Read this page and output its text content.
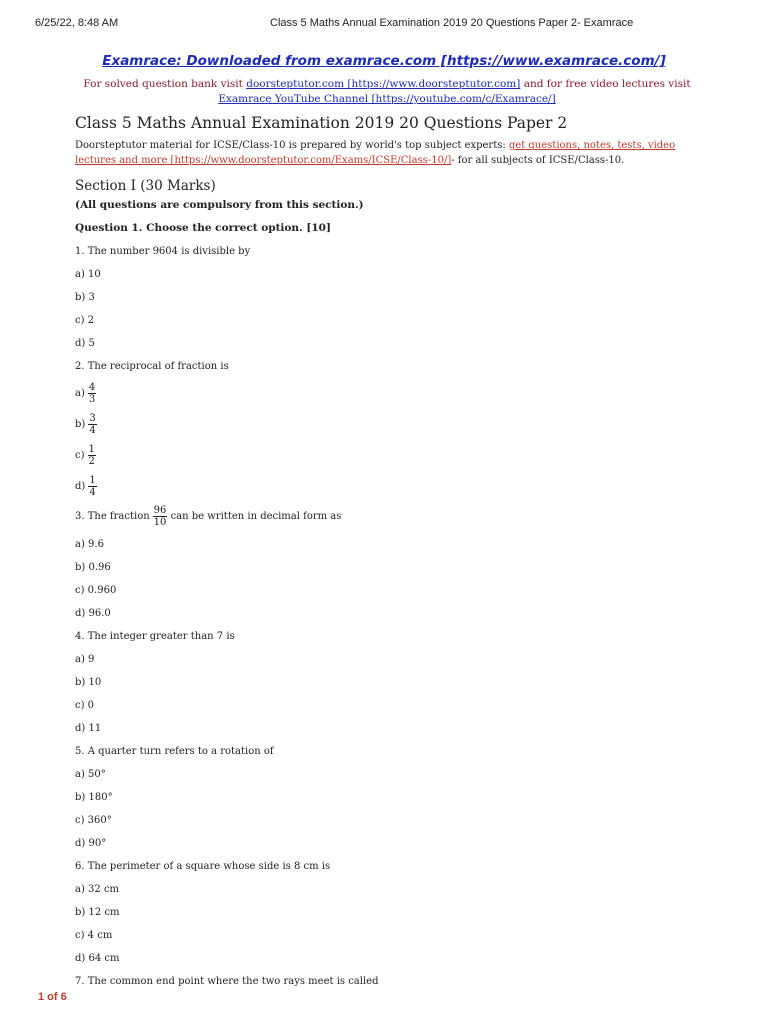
6/25/22, 8:48 AM	Class 5 Maths Annual Examination 2019 20 Questions Paper 2- Examrace
Examrace: Downloaded from examrace.com [https://www.examrace.com/]
For solved question bank visit doorsteptutor.com [https://www.doorsteptutor.com] and for free video lectures visit Examrace YouTube Channel [https://youtube.com/c/Examrace/]
Class 5 Maths Annual Examination 2019 20 Questions Paper 2
Doorsteptutor material for ICSE/Class-10 is prepared by world's top subject experts: get questions, notes, tests, video lectures and more [https://www.doorsteptutor.com/Exams/ICSE/Class-10/]- for all subjects of ICSE/Class-10.
Section I (30 Marks)
(All questions are compulsory from this section.)
Question 1. Choose the correct option. [10]
1. The number 9604 is divisible by
a) 10
b) 3
c) 2
d) 5
2. The reciprocal of fraction is
$a) \frac{4}{3}$
$b) \frac{3}{4}$
$c) \frac{1}{2}$
$d) \frac{1}{4}$
3. The fraction $\frac{96}{10}$ can be written in decimal form as
a) 9.6
b) 0.96
c) 0.960
d) 96.0
4. The integer greater than 7 is
a) 9
b) 10
c) 0
d) 11
5. A quarter turn refers to a rotation of
a) 50°
b) 180°
c) 360°
d) 90°
6. The perimeter of a square whose side is 8 cm is
a) 32 cm
b) 12 cm
c) 4 cm
d) 64 cm
7. The common end point where the two rays meet is called
1 of 6
